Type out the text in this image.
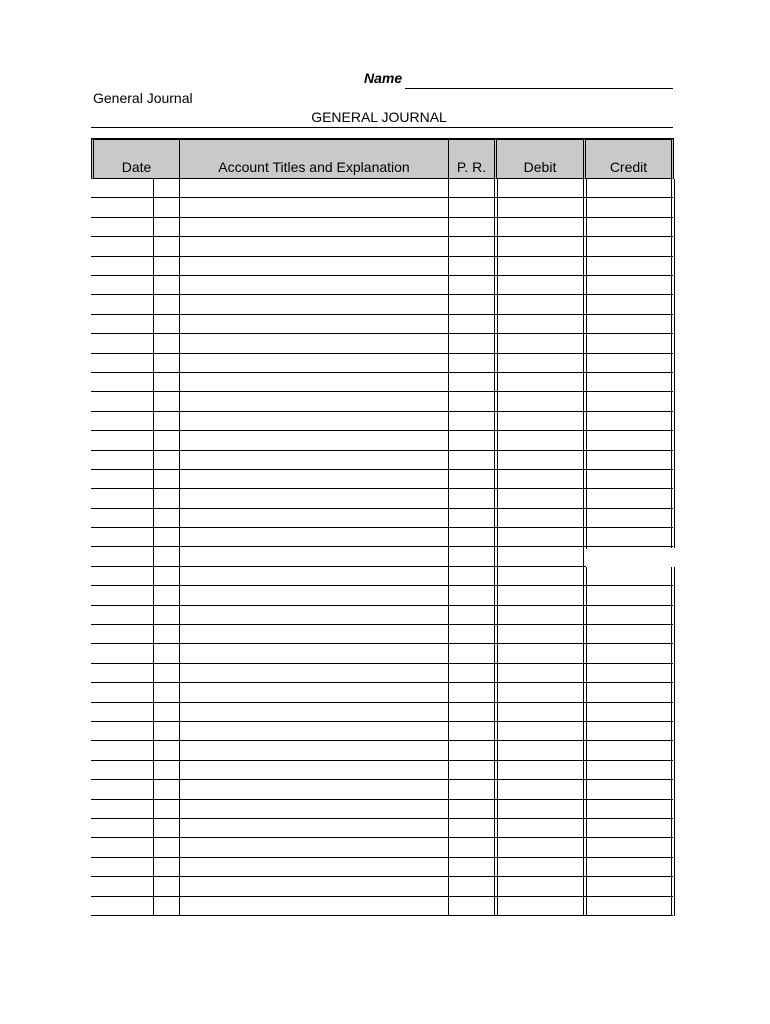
Name
General Journal
GENERAL JOURNAL
Date	Account Titles and Explanation	P. R.	Debit	Credit
